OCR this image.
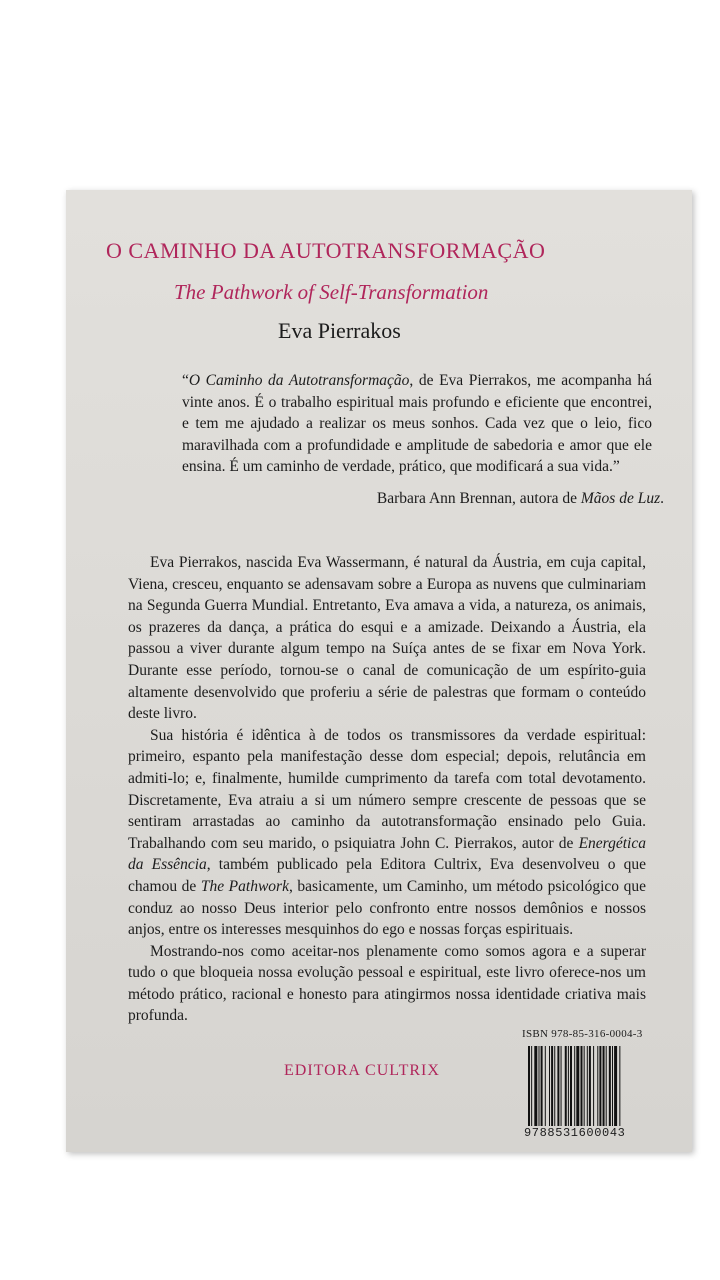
O CAMINHO DA AUTOTRANSFORMAÇÃO
The Pathwork of Self-Transformation
Eva Pierrakos
“O Caminho da Autotransformação, de Eva Pierrakos, me acompanha há vinte anos. É o trabalho espiritual mais profundo e eficiente que encontrei, e tem me ajudado a realizar os meus sonhos. Cada vez que o leio, fico maravilhada com a profundidade e amplitude de sabedoria e amor que ele ensina. É um caminho de verdade, prático, que modificará a sua vida.”
Barbara Ann Brennan, autora de Mãos de Luz.

Eva Pierrakos, nascida Eva Wassermann, é natural da Áustria, em cuja capital, Viena, cresceu, enquanto se adensavam sobre a Europa as nuvens que culminariam na Segunda Guerra Mundial. Entretanto, Eva amava a vida, a natureza, os animais, os prazeres da dança, a prática do esqui e a amizade. Deixando a Áustria, ela passou a viver durante algum tempo na Suíça antes de se fixar em Nova York. Durante esse período, tornou-se o canal de comunicação de um espírito-guia altamente desenvolvido que proferiu a série de palestras que formam o conteúdo deste livro.

Sua história é idêntica à de todos os transmissores da verdade espiritual: primeiro, espanto pela manifestação desse dom especial; depois, relutância em admiti-lo; e, finalmente, humilde cumprimento da tarefa com total devotamento. Discretamente, Eva atraiu a si um número sempre crescente de pessoas que se sentiram arrastadas ao caminho da autotransformação ensinado pelo Guia. Trabalhando com seu marido, o psiquiatra John C. Pierrakos, autor de Energética da Essência, também publicado pela Editora Cultrix, Eva desenvolveu o que chamou de The Pathwork, basicamente, um Caminho, um método psicológico que conduz ao nosso Deus interior pelo confronto entre nossos demônios e nossos anjos, entre os interesses mesquinhos do ego e nossas forças espirituais.

Mostrando-nos como aceitar-nos plenamente como somos agora e a superar tudo o que bloqueia nossa evolução pessoal e espiritual, este livro oferece-nos um método prático, racional e honesto para atingirmos nossa identidade criativa mais profunda.

EDITORA CULTRIX
ISBN 978-85-316-0004-3
9788531600043
